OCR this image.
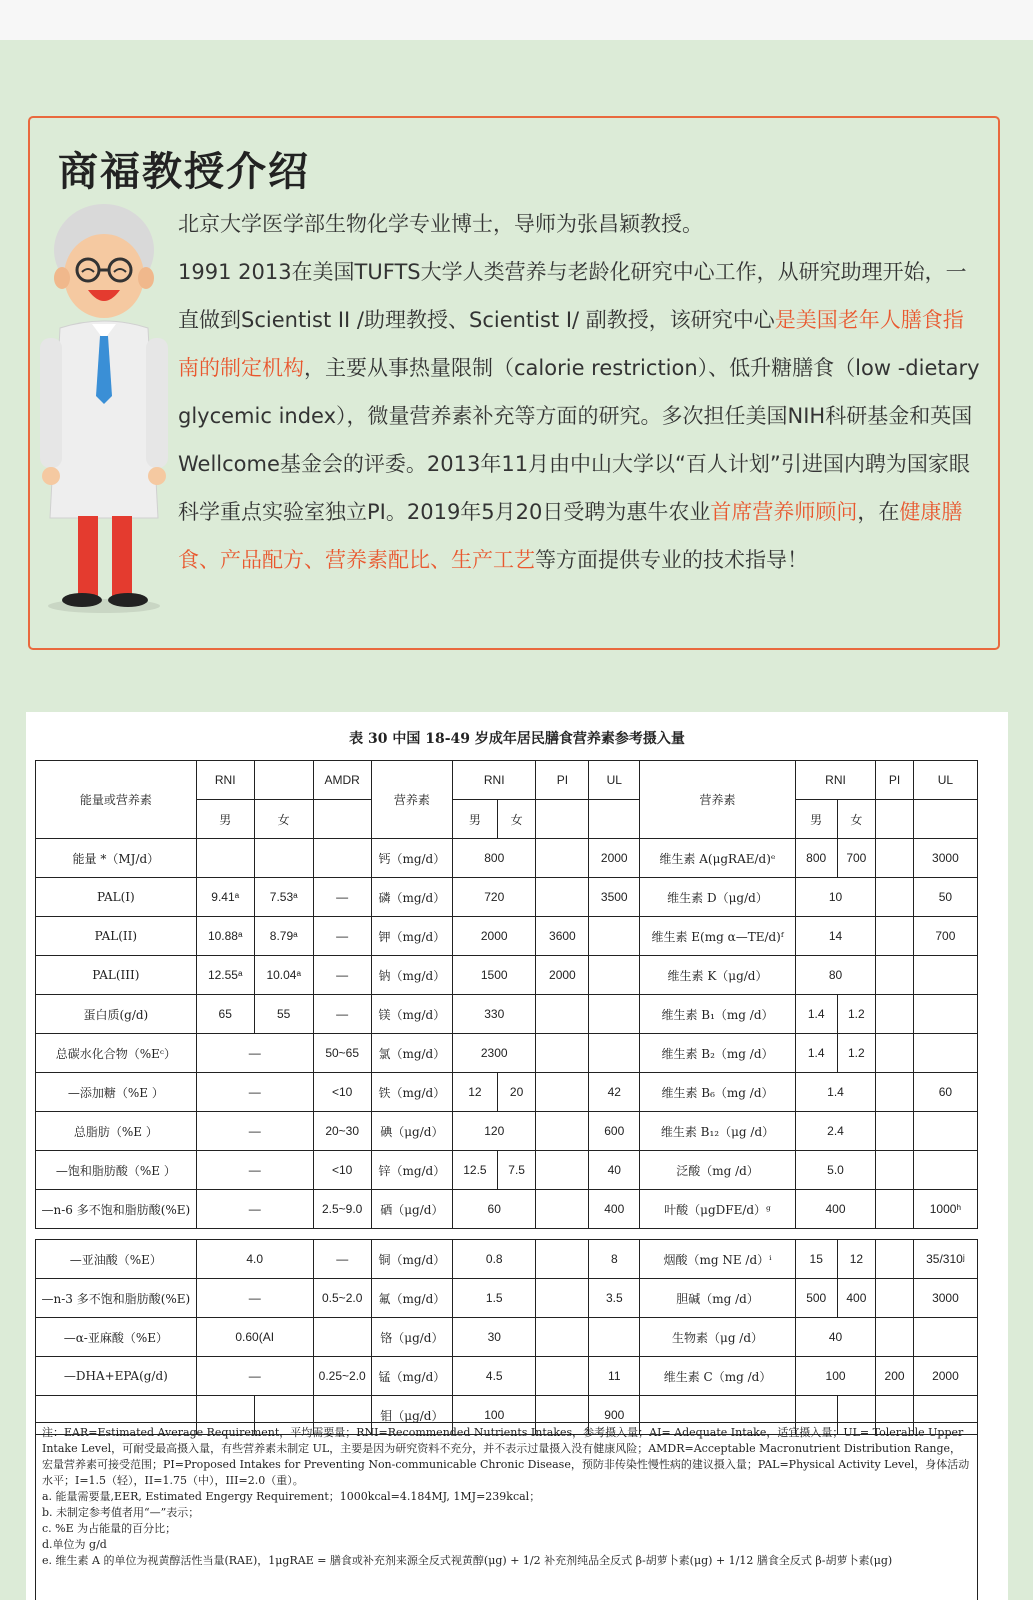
商福教授介绍
北京大学医学部生物化学专业博士，导师为张昌颖教授。
1991 2013在美国TUFTS大学人类营养与老龄化研究中心工作，从研究助理开始，一直做到Scientist II /助理教授、Scientist I/ 副教授，该研究中心是美国老年人膳食指南的制定机构，主要从事热量限制（calorie restriction）、低升糖膳食（low -dietary glycemic index），微量营养素补充等方面的研究。多次担任美国NIH科研基金和英国Wellcome基金会的评委。2013年11月由中山大学以“百人计划”引进国内聘为国家眼科学重点实验室独立PI。2019年5月20日受聘为惠牛农业首席营养师顾问，在健康膳食、产品配方、营养素配比、生产工艺等方面提供专业的技术指导！
表 30 中国 18-49 岁成年居民膳食营养素参考摄入量
能量或营养素	RNI		AMDR	营养素	RNI		PI	UL	营养素	RNI		PI	UL
	男	女			男	女				男	女		
能量 *（MJ/d）				钙（mg/d）	800			2000	维生素 A(μgRAE/d)ᵉ	800	700		3000
PAL(I)	9.41ᵃ	7.53ᵃ	—	磷（mg/d）	720			3500	维生素 D（μg/d）	10			50
PAL(II)	10.88ᵃ	8.79ᵃ	—	钾（mg/d）	2000		3600		维生素 E(mg α—TE/d)ᶠ	14			700
PAL(III)	12.55ᵃ	10.04ᵃ	—	钠（mg/d）	1500		2000		维生素 K（μg/d）	80			
蛋白质(g/d)	65	55	—	镁（mg/d）	330				维生素 B₁（mg /d）	1.4	1.2		
总碳水化合物（%Eᶜ）	—		50~65	氯（mg/d）	2300				维生素 B₂（mg /d）	1.4	1.2		
—添加糖（%E ）	—		<10	铁（mg/d）	12	20		42	维生素 B₆（mg /d）	1.4			60
总脂肪（%E ）	—		20~30	碘（μg/d）	120			600	维生素 B₁₂（μg /d）	2.4			
—饱和脂肪酸（%E ）	—		<10	锌（mg/d）	12.5	7.5		40	泛酸（mg /d）	5.0			
—n-6 多不饱和脂肪酸(%E)	—		2.5~9.0	硒（μg/d）	60			400	叶酸（μgDFE/d）ᵍ	400			1000ʰ
—亚油酸（%E）	4.0		—	铜（mg/d）	0.8		8	烟酸（mg NE /d）ⁱ	15	12		35/310ʲ
—n-3 多不饱和脂肪酸(%E)	—		0.5~2.0	氟（mg/d）	1.5		3.5	胆碱（mg /d）	500	400		3000
—α-亚麻酸（%E）	0.60(AI			铬（μg/d）	30			生物素（μg /d）	40			
—DHA+EPA(g/d)	—		0.25~2.0	锰（mg/d）	4.5		11	维生素 C（mg /d）	100		200	2000
				钼（μg/d）	100		900					
注：EAR=Estimated Average Requirement，平均需要量；RNI=Recommended Nutrients Intakes，参考摄入量；AI= Adequate Intake，适宜摄入量；UL= Tolerable Upper Intake Level，可耐受最高摄入量，有些营养素未制定 UL，主要是因为研究资料不充分，并不表示过量摄入没有健康风险；AMDR=Acceptable Macronutrient Distribution Range，宏量营养素可接受范围；PI=Proposed Intakes for Preventing Non-communicable Chronic Disease，预防非传染性慢性病的建议摄入量；PAL=Physical Activity Level，身体活动水平；I=1.5（轻），II=1.75（中），III=2.0（重）。
a. 能量需要量,EER, Estimated Engergy Requirement；1000kcal=4.184MJ, 1MJ=239kcal；
b. 未制定参考值者用“—”表示；
c. %E 为占能量的百分比；
d.单位为 g/d
e. 维生素 A 的单位为视黄醇活性当量(RAE)，1μgRAE = 膳食或补充剂来源全反式视黄醇(μg) + 1/2 补充剂纯品全反式 β-胡萝卜素(μg) + 1/12 膳食全反式 β-胡萝卜素(μg)
